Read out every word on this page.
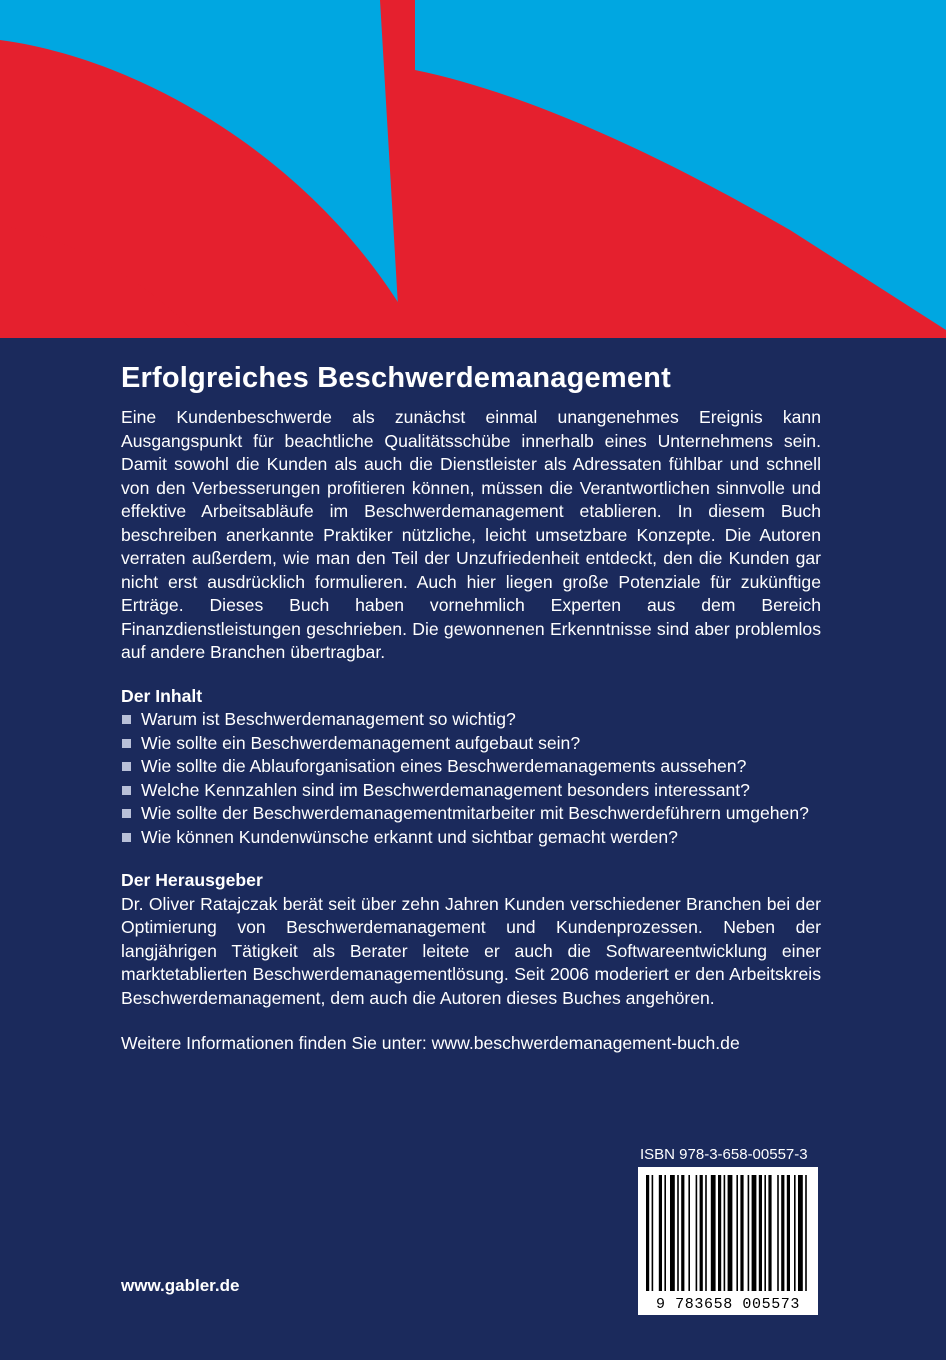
Erfolgreiches Beschwerdemanagement

Eine Kundenbeschwerde als zunächst einmal unangenehmes Ereignis kann Ausgangspunkt für beachtliche Qualitätsschübe innerhalb eines Unternehmens sein. Damit sowohl die Kunden als auch die Dienstleister als Adressaten fühlbar und schnell von den Verbesserungen profitieren können, müssen die Verantwortlichen sinnvolle und effektive Arbeitsabläufe im Beschwerdemanagement etablieren. In diesem Buch beschreiben anerkannte Praktiker nützliche, leicht umsetzbare Konzepte. Die Autoren verraten außerdem, wie man den Teil der Unzufriedenheit entdeckt, den die Kunden gar nicht erst ausdrücklich formulieren. Auch hier liegen große Potenziale für zukünftige Erträge. Dieses Buch haben vornehmlich Experten aus dem Bereich Finanzdienstleistungen geschrieben. Die gewonnenen Erkenntnisse sind aber problemlos auf andere Branchen übertragbar.

Der Inhalt
Warum ist Beschwerdemanagement so wichtig?
Wie sollte ein Beschwerdemanagement aufgebaut sein?
Wie sollte die Ablauforganisation eines Beschwerdemanagements aussehen?
Welche Kennzahlen sind im Beschwerdemanagement besonders interessant?
Wie sollte der Beschwerdemanagementmitarbeiter mit Beschwerdeführern umgehen?
Wie können Kundenwünsche erkannt und sichtbar gemacht werden?
Der Herausgeber

Dr. Oliver Ratajczak berät seit über zehn Jahren Kunden verschiedener Branchen bei der Optimierung von Beschwerdemanagement und Kundenprozessen. Neben der langjährigen Tätigkeit als Berater leitete er auch die Softwareentwicklung einer marktetablierten Beschwerdemanagementlösung. Seit 2006 moderiert er den Arbeitskreis Beschwerdemanagement, dem auch die Autoren dieses Buches angehören.

Weitere Informationen finden Sie unter: www.beschwerdemanagement-buch.de
ISBN 978-3-658-00557-3
9 783658 005573
www.gabler.de
